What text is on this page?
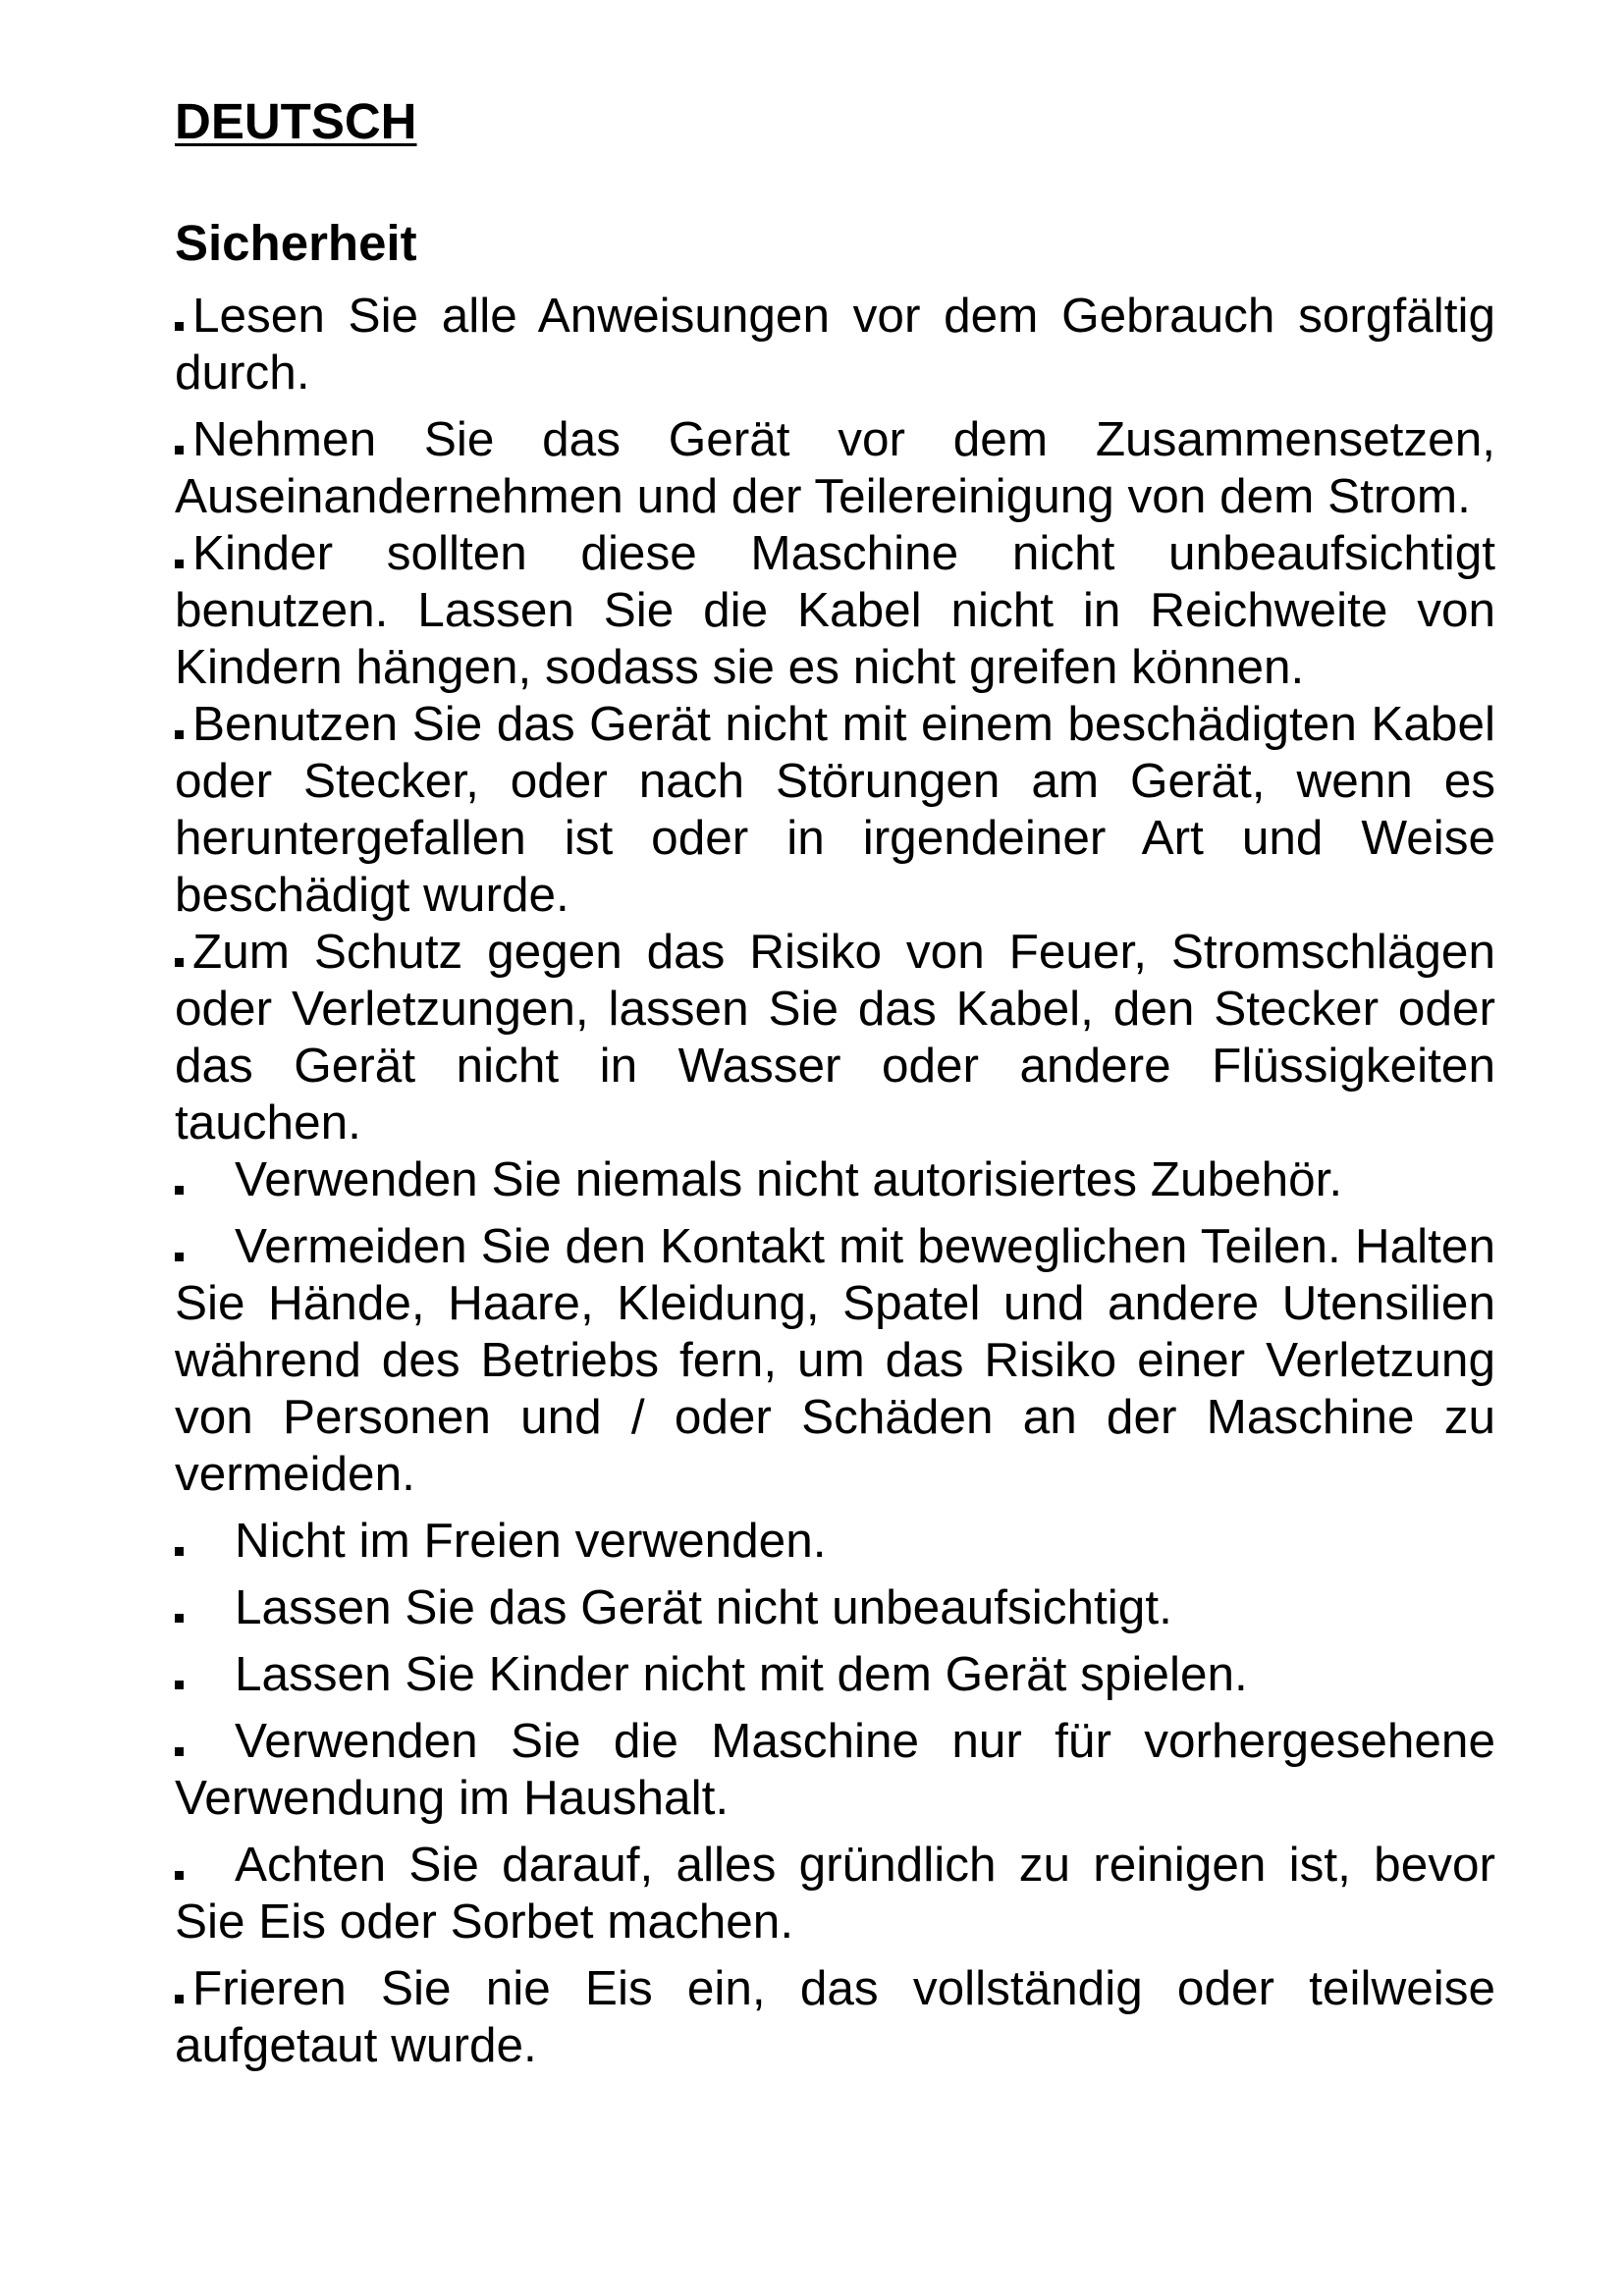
DEUTSCH
Sicherheit
Lesen Sie alle Anweisungen vor dem Gebrauch sorgfältig durch.
Nehmen Sie das Gerät vor dem Zusammensetzen, Auseinandernehmen und der Teilereinigung von dem Strom.
Kinder sollten diese Maschine nicht unbeaufsichtigt benutzen. Lassen Sie die Kabel nicht in Reichweite von Kindern hängen, sodass sie es nicht greifen können.
Benutzen Sie das Gerät nicht mit einem beschädigten Kabel oder Stecker, oder nach Störungen am Gerät, wenn es heruntergefallen ist oder in irgendeiner Art und Weise beschädigt wurde.
Zum Schutz gegen das Risiko von Feuer, Stromschlägen oder Verletzungen, lassen Sie das Kabel, den Stecker oder das Gerät nicht in Wasser oder andere Flüssigkeiten tauchen.
Verwenden Sie niemals nicht autorisiertes Zubehör.
Vermeiden Sie den Kontakt mit beweglichen Teilen. Halten Sie Hände, Haare, Kleidung, Spatel und andere Utensilien während des Betriebs fern, um das Risiko einer Verletzung von Personen und / oder Schäden an der Maschine zu vermeiden.
Nicht im Freien verwenden.
Lassen Sie das Gerät nicht unbeaufsichtigt.
Lassen Sie Kinder nicht mit dem Gerät spielen.
Verwenden Sie die Maschine nur für vorhergesehene Verwendung im Haushalt.
Achten Sie darauf, alles gründlich zu reinigen ist, bevor Sie Eis oder Sorbet machen.
Frieren Sie nie Eis ein, das vollständig oder teilweise aufgetaut wurde.
